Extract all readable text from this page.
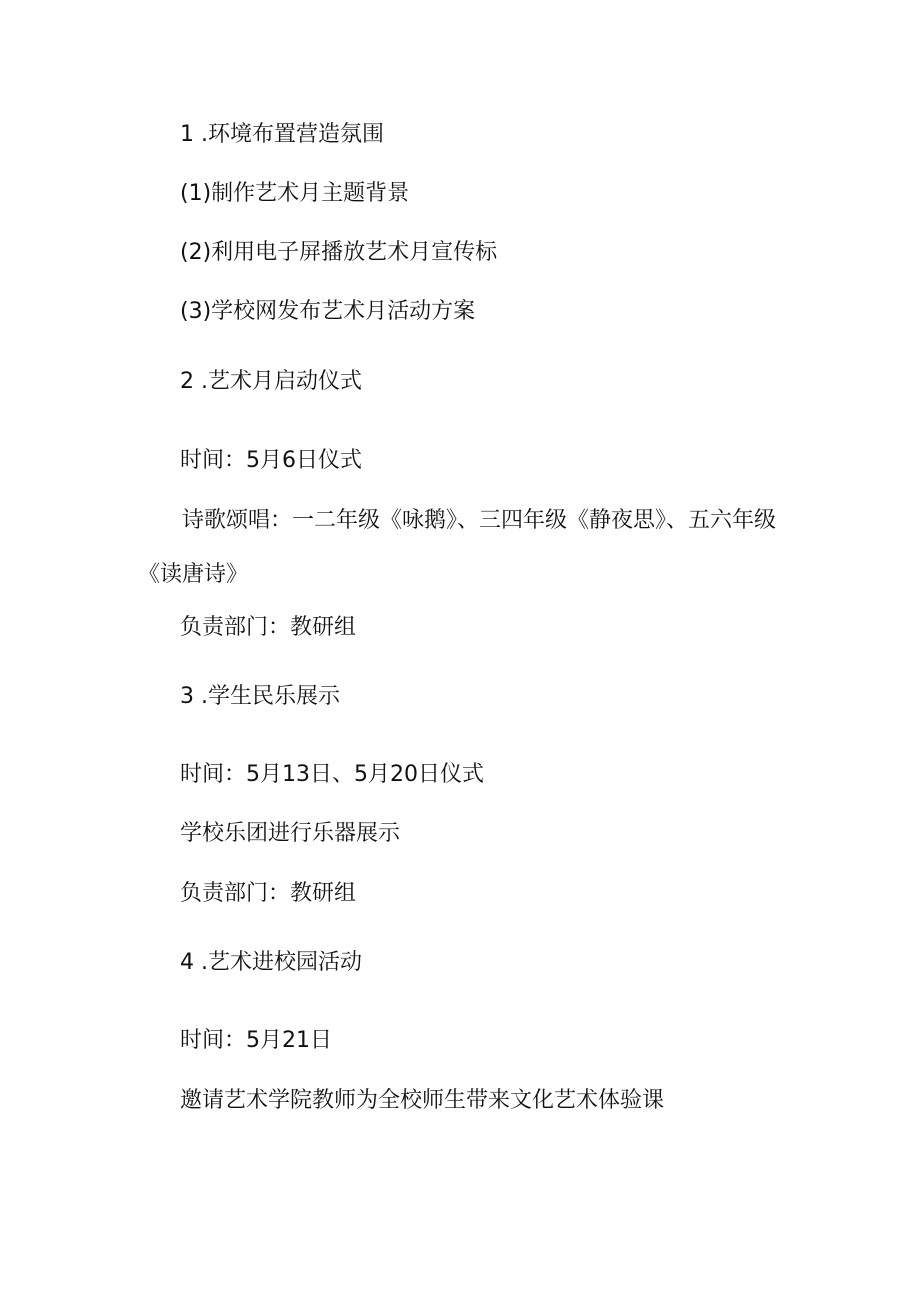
1 .环境布置营造氛围
(1)制作艺术月主题背景
(2)利用电子屏播放艺术月宣传标
(3)学校网发布艺术月活动方案
2 .艺术月启动仪式
时间：5月6日仪式
诗歌颂唱：一二年级《咏鹅》、三四年级《静夜思》、五六年级《读唐诗》
负责部门：教研组
3 .学生民乐展示
时间：5月13日、5月20日仪式
学校乐团进行乐器展示
负责部门：教研组
4 .艺术进校园活动
时间：5月21日
邀请艺术学院教师为全校师生带来文化艺术体验课
